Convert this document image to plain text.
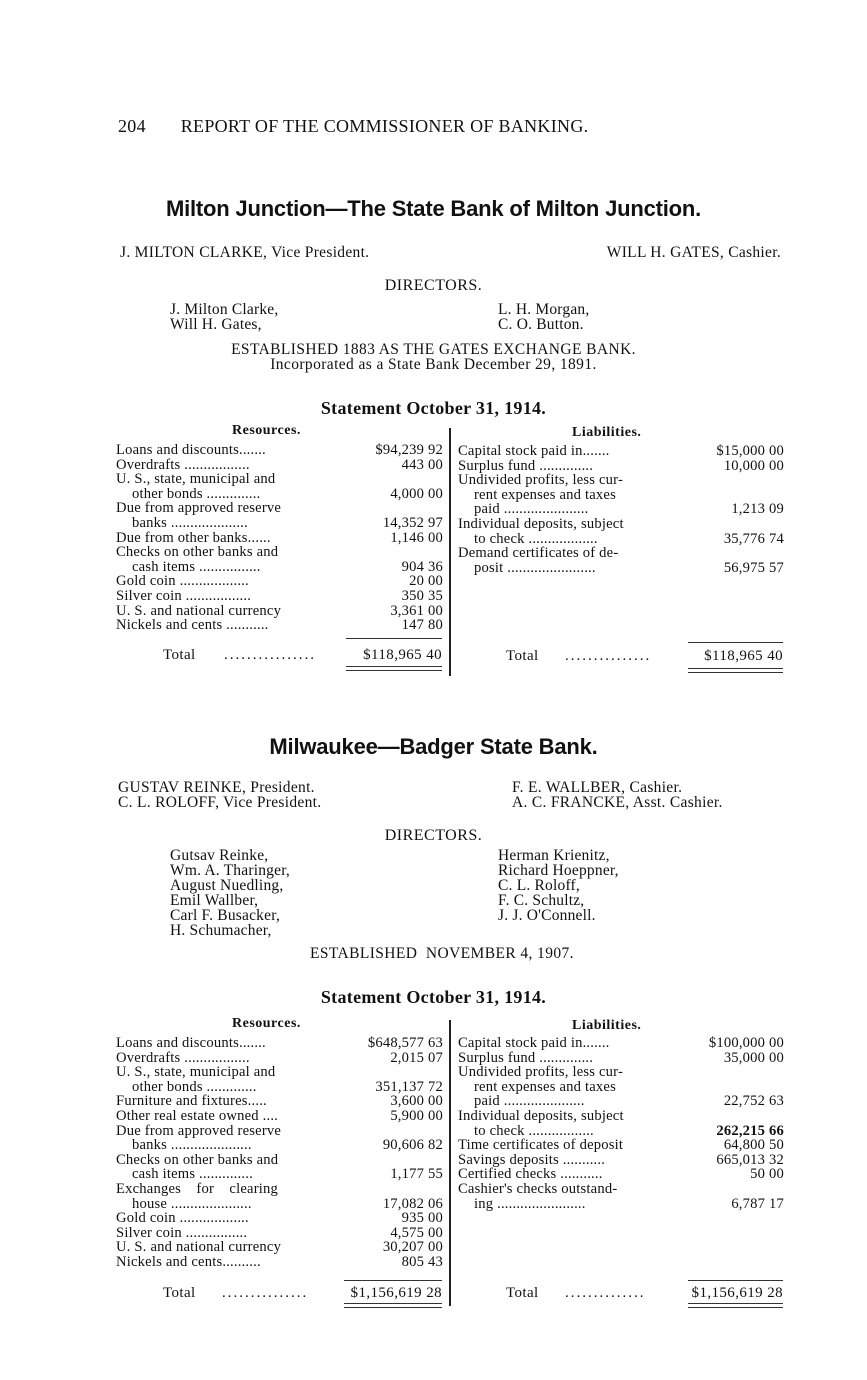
204 REPORT OF THE COMMISSIONER OF BANKING.
Milton Junction—The State Bank of Milton Junction.
J. MILTON CLARKE, Vice President.	WILL H. GATES, Cashier.
DIRECTORS.
J. Milton Clarke,
Will H. Gates,
L. H. Morgan,
C. O. Button.
ESTABLISHED 1883 AS THE GATES EXCHANGE BANK.
Incorporated as a State Bank December 29, 1891.
Statement October 31, 1914.
Resources.	Liabilities.
Loans and discounts.......	$94,239 92
Overdrafts .................	443 00
U. S., state, municipal and
other bonds ..............	4,000 00
Due from approved reserve
banks ....................	14,352 97
Due from other banks......	1,146 00
Checks on other banks and
cash items ................	904 36
Gold coin ..................	20 00
Silver coin .................	350 35
U. S. and national currency	3,361 00
Nickels and cents ...........	147 80
Capital stock paid in.......	$15,000 00
Surplus fund ..............	10,000 00
Undivided profits, less cur-
rent expenses and taxes
paid ......................	1,213 09
Individual deposits, subject
to check ..................	35,776 74
Demand certificates of de-
posit .......................	56,975 57
Total ................	$118,965 40	Total ...............	$118,965 40
Milwaukee—Badger State Bank.
GUSTAV REINKE, President.
C. L. ROLOFF, Vice President.
F. E. WALLBER, Cashier.
A. C. FRANCKE, Asst. Cashier.
DIRECTORS.
Gutsav Reinke,
Wm. A. Tharinger,
August Nuedling,
Emil Wallber,
Carl F. Busacker,
H. Schumacher,
Herman Krienitz,
Richard Hoeppner,
C. L. Roloff,
F. C. Schultz,
J. J. O'Connell.
ESTABLISHED  NOVEMBER 4, 1907.
Statement October 31, 1914.
Resources.	Liabilities.
Loans and discounts.......	$648,577 63
Overdrafts .................	2,015 07
U. S., state, municipal and
other bonds .............	351,137 72
Furniture and fixtures.....	3,600 00
Other real estate owned ....	5,900 00
Due from approved reserve
banks .....................	90,606 82
Checks on other banks and
cash items ..............	1,177 55
Exchanges    for    clearing
house .....................	17,082 06
Gold coin ..................	935 00
Silver coin ................	4,575 00
U. S. and national currency	30,207 00
Nickels and cents..........	805 43
Capital stock paid in.......	$100,000 00
Surplus fund ..............	35,000 00
Undivided profits, less cur-
rent expenses and taxes
paid .....................	22,752 63
Individual deposits, subject
to check .................	262,215 66
Time certificates of deposit	64,800 50
Savings deposits ...........	665,013 32
Certified checks ...........	50 00
Cashier's checks outstand-
ing .......................	6,787 17
Total ...............	$1,156,619 28	Total ..............	$1,156,619 28
